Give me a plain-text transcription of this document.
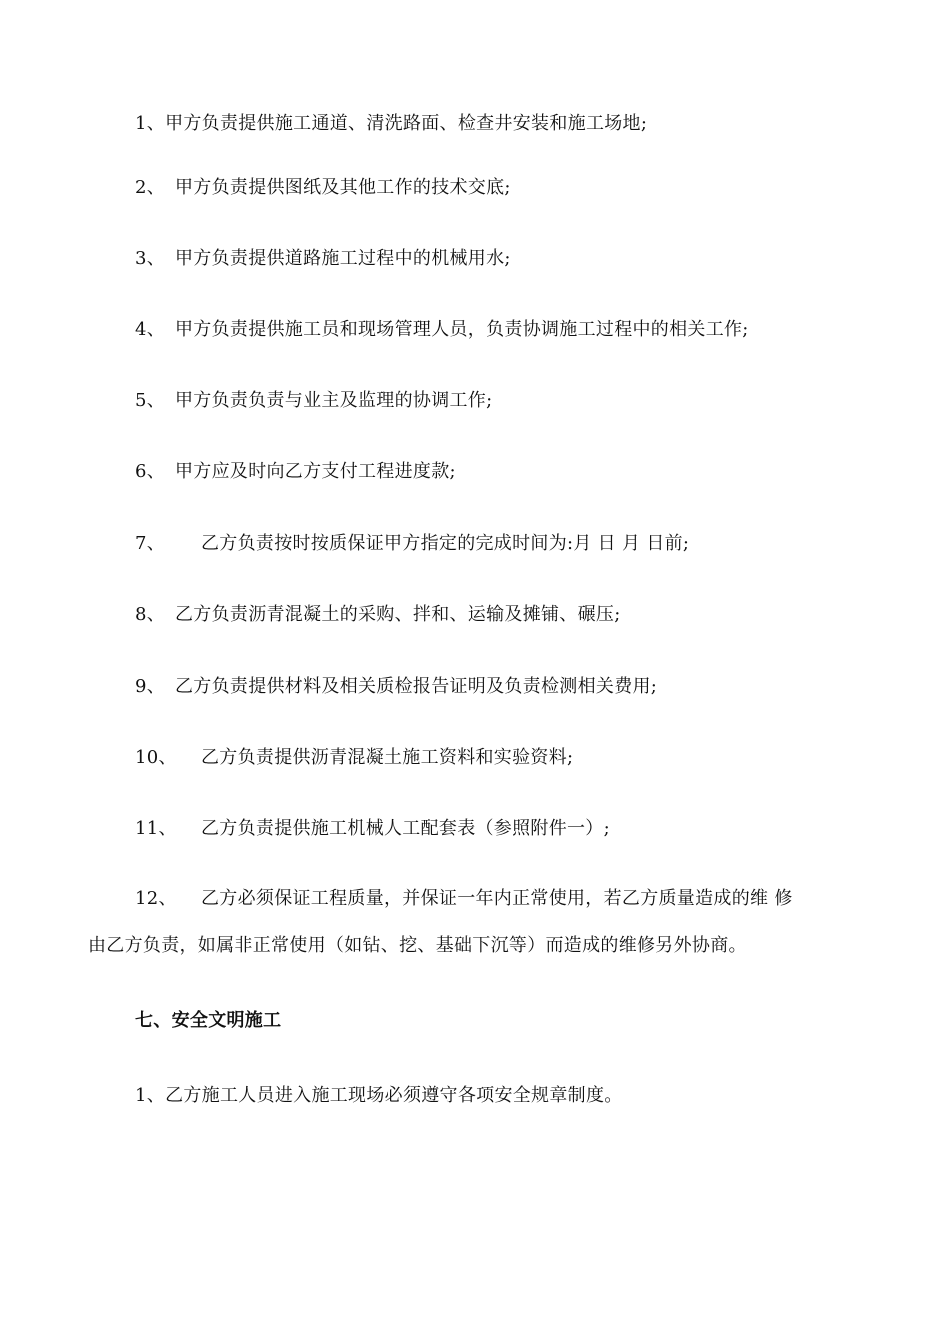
1、甲方负责提供施工通道、清洗路面、检查井安装和施工场地;
2、 甲方负责提供图纸及其他工作的技术交底;
3、 甲方负责提供道路施工过程中的机械用水;
4、 甲方负责提供施工员和现场管理人员，负责协调施工过程中的相关工作;
5、 甲方负责负责与业主及监理的协调工作;
6、 甲方应及时向乙方支付工程进度款;
7、 乙方负责按时按质保证甲方指定的完成时间为:月 日 月 日前;
8、 乙方负责沥青混凝土的采购、拌和、运输及摊铺、碾压;
9、 乙方负责提供材料及相关质检报告证明及负责检测相关费用;
10、 乙方负责提供沥青混凝土施工资料和实验资料;
11、 乙方负责提供施工机械人工配套表（参照附件一）;
12、 乙方必须保证工程质量，并保证一年内正常使用，若乙方质量造成的维 修
由乙方负责，如属非正常使用（如钻、挖、基础下沉等）而造成的维修另外协商。
七、安全文明施工
1、乙方施工人员进入施工现场必须遵守各项安全规章制度。
